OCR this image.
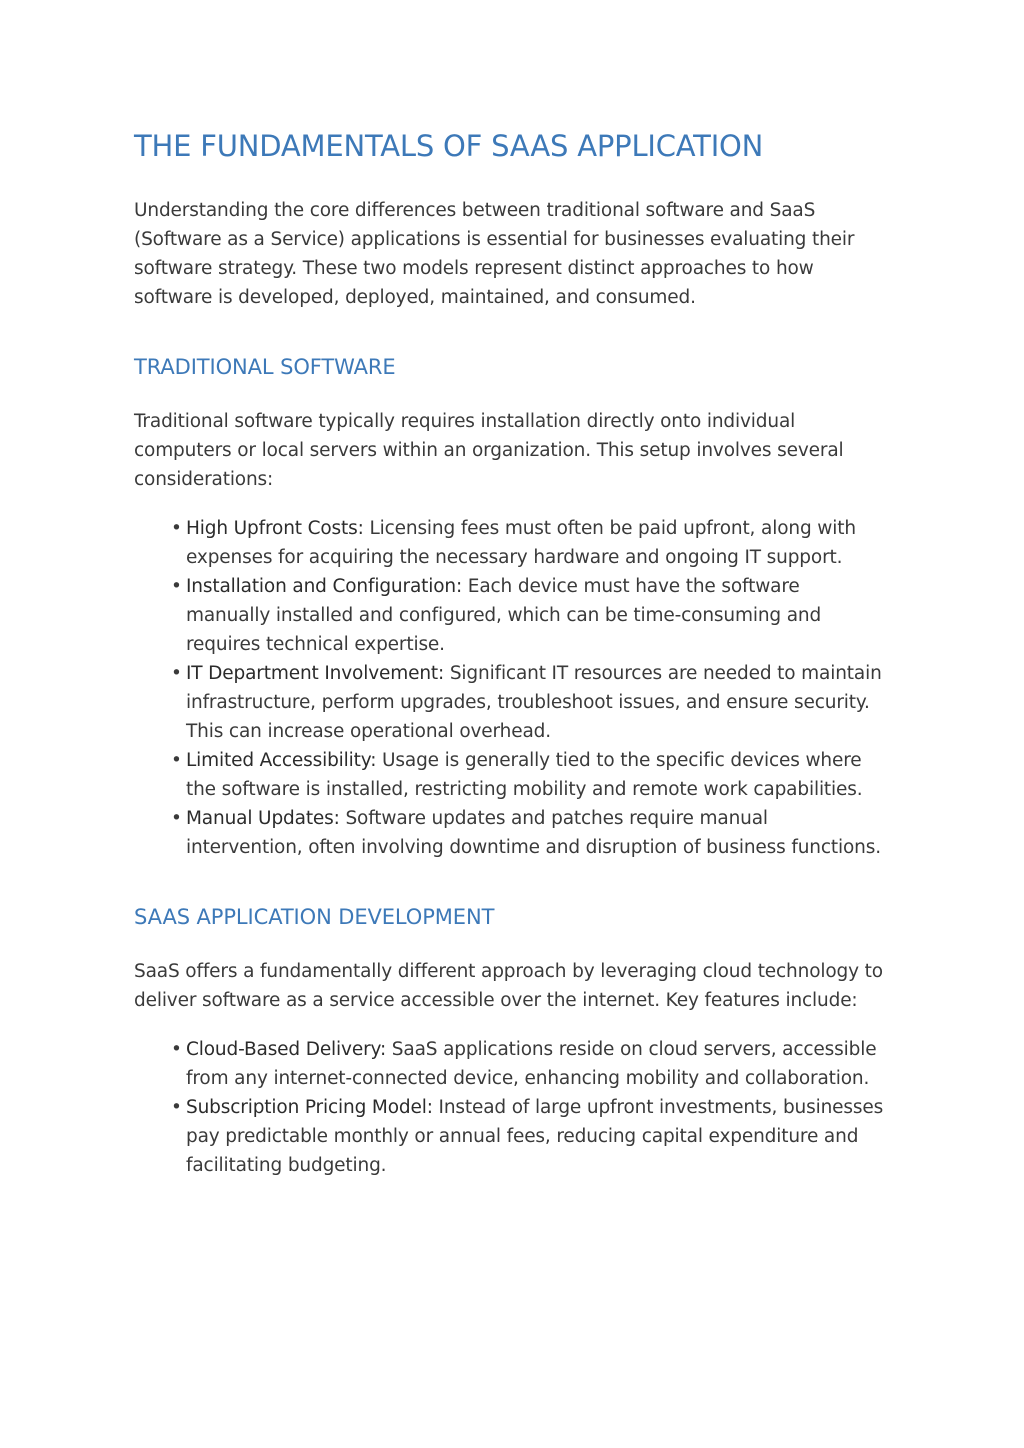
THE FUNDAMENTALS OF SAAS APPLICATION

Understanding the core differences between traditional software and SaaS (Software as a Service) applications is essential for businesses evaluating their software strategy. These two models represent distinct approaches to how software is developed, deployed, maintained, and consumed.

TRADITIONAL SOFTWARE

Traditional software typically requires installation directly onto individual computers or local servers within an organization. This setup involves several considerations:

• High Upfront Costs: Licensing fees must often be paid upfront, along with expenses for acquiring the necessary hardware and ongoing IT support.
• Installation and Configuration: Each device must have the software manually installed and configured, which can be time-consuming and requires technical expertise.
• IT Department Involvement: Significant IT resources are needed to maintain infrastructure, perform upgrades, troubleshoot issues, and ensure security. This can increase operational overhead.
• Limited Accessibility: Usage is generally tied to the specific devices where the software is installed, restricting mobility and remote work capabilities.
• Manual Updates: Software updates and patches require manual intervention, often involving downtime and disruption of business functions.
SAAS APPLICATION DEVELOPMENT

SaaS offers a fundamentally different approach by leveraging cloud technology to deliver software as a service accessible over the internet. Key features include:

• Cloud-Based Delivery: SaaS applications reside on cloud servers, accessible from any internet-connected device, enhancing mobility and collaboration.
• Subscription Pricing Model: Instead of large upfront investments, businesses pay predictable monthly or annual fees, reducing capital expenditure and facilitating budgeting.
